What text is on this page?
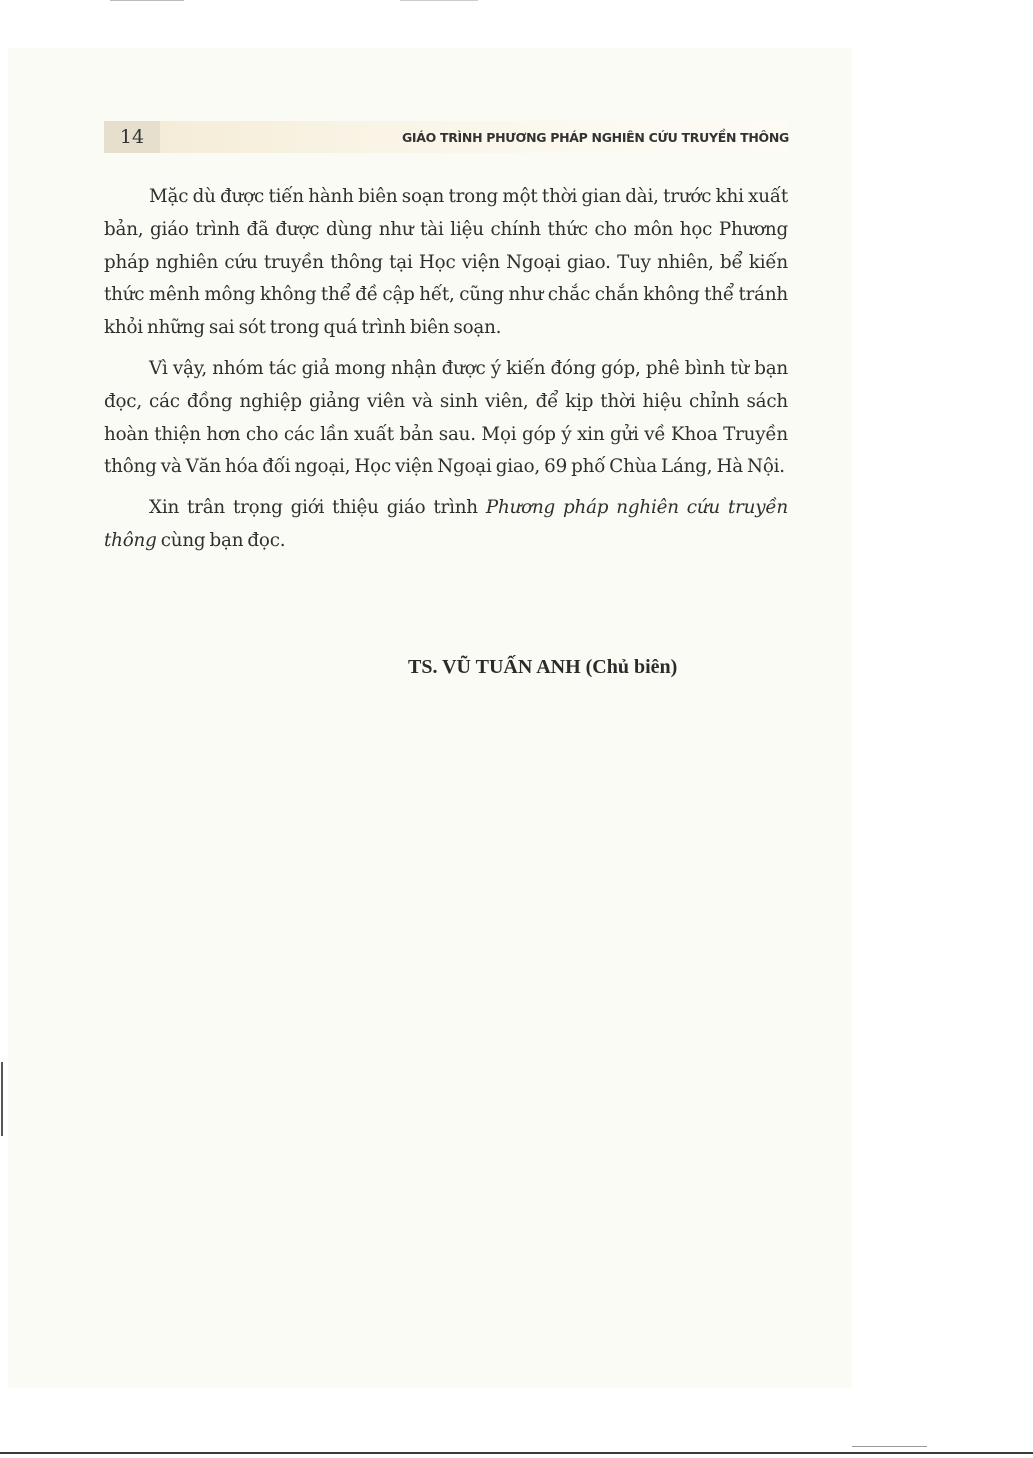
14	GIÁO TRÌNH PHƯƠNG PHÁP NGHIÊN CỨU TRUYỀN THÔNG

Mặc dù được tiến hành biên soạn trong một thời gian dài, trước khi xuất bản, giáo trình đã được dùng như tài liệu chính thức cho môn học Phương pháp nghiên cứu truyền thông tại Học viện Ngoại giao. Tuy nhiên, bể kiến thức mênh mông không thể đề cập hết, cũng như chắc chắn không thể tránh khỏi những sai sót trong quá trình biên soạn.

Vì vậy, nhóm tác giả mong nhận được ý kiến đóng góp, phê bình từ bạn đọc, các đồng nghiệp giảng viên và sinh viên, để kịp thời hiệu chỉnh sách hoàn thiện hơn cho các lần xuất bản sau. Mọi góp ý xin gửi về Khoa Truyền thông và Văn hóa đối ngoại, Học viện Ngoại giao, 69 phố Chùa Láng, Hà Nội.

Xin trân trọng giới thiệu giáo trình Phương pháp nghiên cứu truyền thông cùng bạn đọc.

TS. VŨ TUẤN ANH (Chủ biên)
